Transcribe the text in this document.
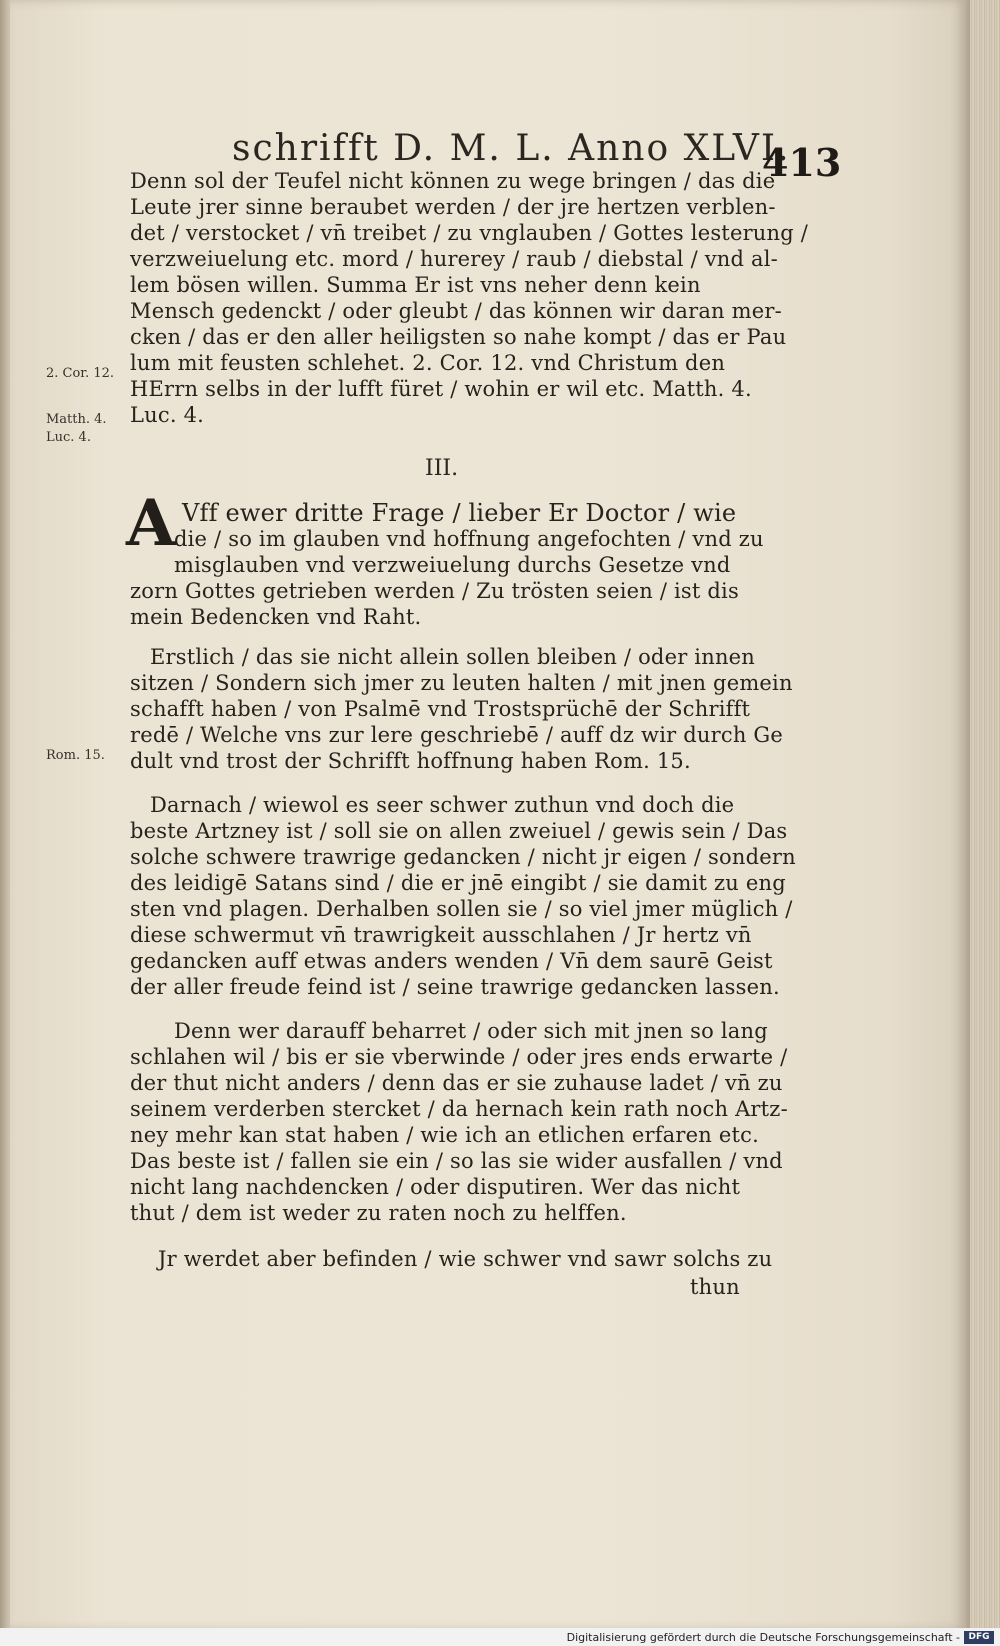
schrifft D. M. L. Anno XLVI.
413
Denn sol der Teufel nicht können zu wege bringen / das die
Leute jrer sinne beraubet werden / der jre hertzen verblen-
det / verstocket / vn̄ treibet / zu vnglauben / Gottes lesterung /
verzweiuelung etc. mord / hurerey / raub / diebstal / vnd al-
lem bösen willen. Summa Er ist vns neher denn kein
Mensch gedenckt / oder gleubt / das können wir daran mer-
cken / das er den aller heiligsten so nahe kompt / das er Pau
lum mit feusten schlehet. 2. Cor. 12. vnd Christum den
HErrn selbs in der lufft füret / wohin er wil etc. Matth. 4.
Luc. 4.
2. Cor. 12.
Matth. 4.
Luc. 4.
III.
A Vff ewer dritte Frage / lieber Er Doctor / wie
die / so im glauben vnd hoffnung angefochten / vnd zu
misglauben vnd verzweiuelung durchs Gesetze vnd
zorn Gottes getrieben werden / Zu trösten seien / ist dis
mein Bedencken vnd Raht.
Erstlich / das sie nicht allein sollen bleiben / oder innen
sitzen / Sondern sich jmer zu leuten halten / mit jnen gemein
schafft haben / von Psalmē vnd Trostsprüchē der Schrifft
redē / Welche vns zur lere geschriebē / auff dz wir durch Ge
dult vnd trost der Schrifft hoffnung haben Rom. 15.
Rom. 15.
Darnach / wiewol es seer schwer zuthun vnd doch die
beste Artzney ist / soll sie on allen zweiuel / gewis sein / Das
solche schwere trawrige gedancken / nicht jr eigen / sondern
des leidigē Satans sind / die er jnē eingibt / sie damit zu eng
sten vnd plagen. Derhalben sollen sie / so viel jmer müglich /
diese schwermut vn̄ trawrigkeit ausschlahen / Jr hertz vn̄
gedancken auff etwas anders wenden / Vn̄ dem saurē Geist
der aller freude feind ist / seine trawrige gedancken lassen.
Denn wer darauff beharret / oder sich mit jnen so lang
schlahen wil / bis er sie vberwinde / oder jres ends erwarte /
der thut nicht anders / denn das er sie zuhause ladet / vn̄ zu
seinem verderben stercket / da hernach kein rath noch Artz-
ney mehr kan stat haben / wie ich an etlichen erfaren etc.
Das beste ist / fallen sie ein / so las sie wider ausfallen / vnd
nicht lang nachdencken / oder disputiren. Wer das nicht
thut / dem ist weder zu raten noch zu helffen.
Jr werdet aber befinden / wie schwer vnd sawr solchs zu
thun
Digitalisierung gefördert durch die Deutsche Forschungsgemeinschaft - DFG
